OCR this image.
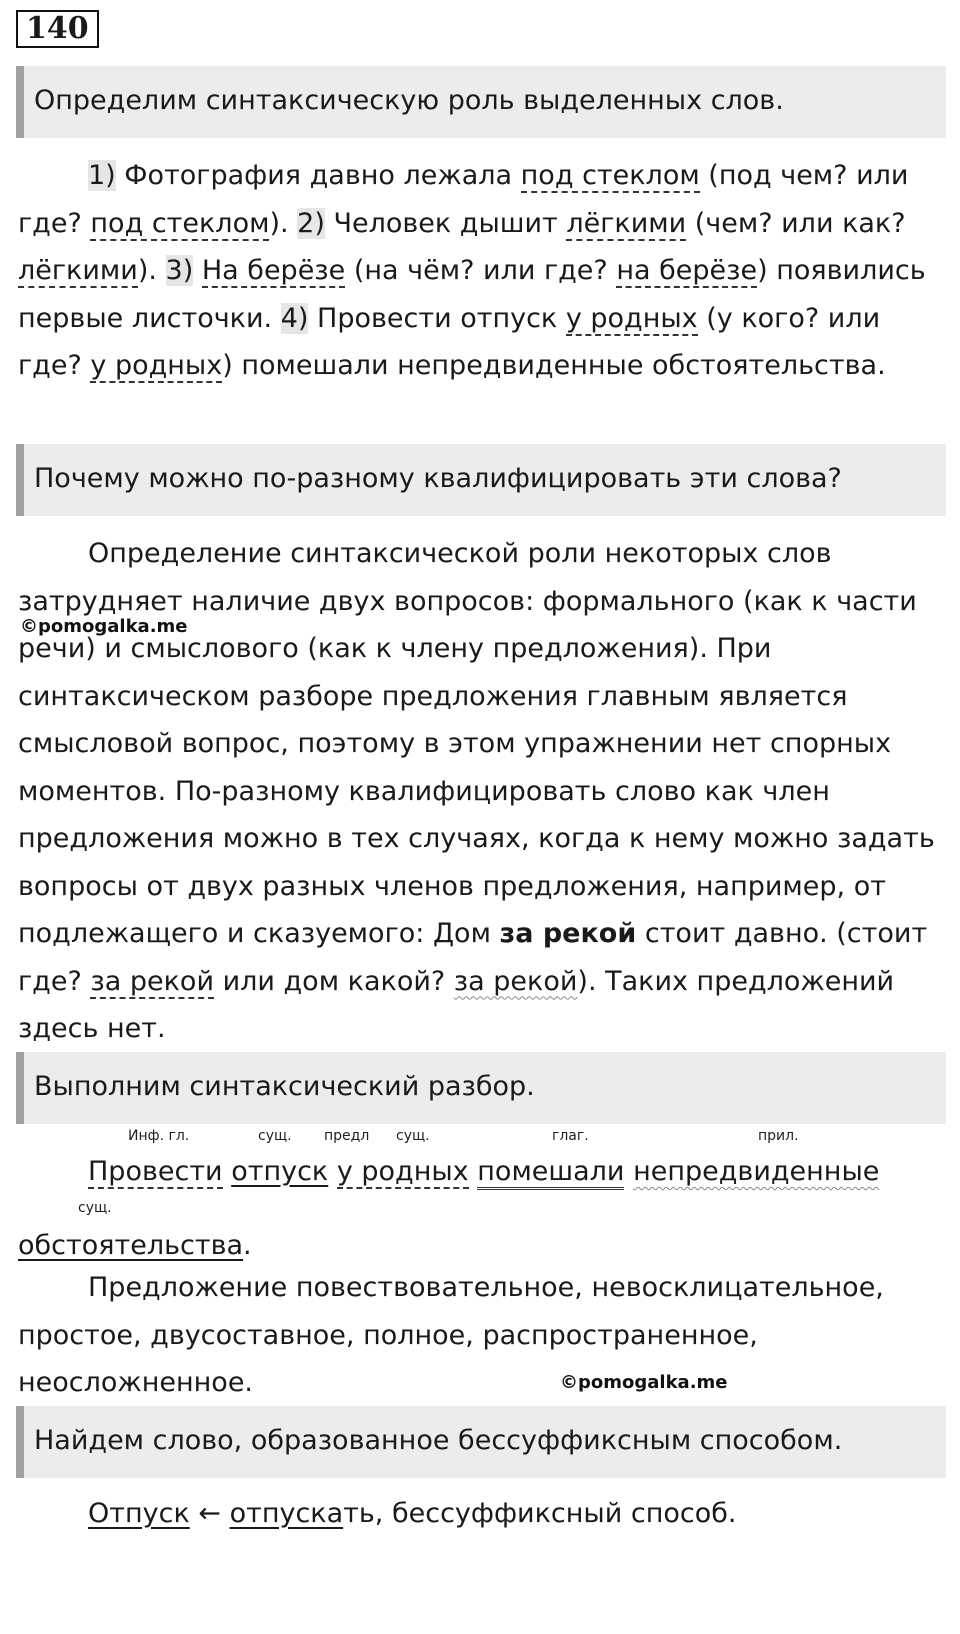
140
Определим синтаксическую роль выделенных слов.

1) Фотография давно лежала под стеклом (под чем? или где? под стеклом). 2) Человек дышит лёгкими (чем? или как? лёгкими). 3) На берёзе (на чём? или где? на берёзе) появились первые листочки. 4) Провести отпуск у родных (у кого? или где? у родных) помешали непредвиденные обстоятельства.

Почему можно по-разному квалифицировать эти слова?

Определение синтаксической роли некоторых слов затрудняет наличие двух вопросов: формального (как к части речи) и смыслового (как к члену предложения). При синтаксическом разборе предложения главным является смысловой вопрос, поэтому в этом упражнении нет спорных моментов. По-разному квалифицировать слово как член предложения можно в тех случаях, когда к нему можно задать вопросы от двух разных членов предложения, например, от подлежащего и сказуемого: Дом за рекой стоит давно. (стоит где? за рекой или дом какой? за рекой). Таких предложений здесь нет.

©pomogalka.me
Выполним синтаксический разбор.
Инф. гл.	сущ. предл сущ.	глаг.	прил.
сущ.

Провести отпуск у родных помешали непредвиденные

обстоятельства.

Предложение повествовательное, невосклицательное, простое, двусоставное, полное, распространенное, неосложненное.	©pomogalka.me
Найдем слово, образованное бессуффиксным способом.

Отпуск ← отпускать, бессуффиксный способ.
